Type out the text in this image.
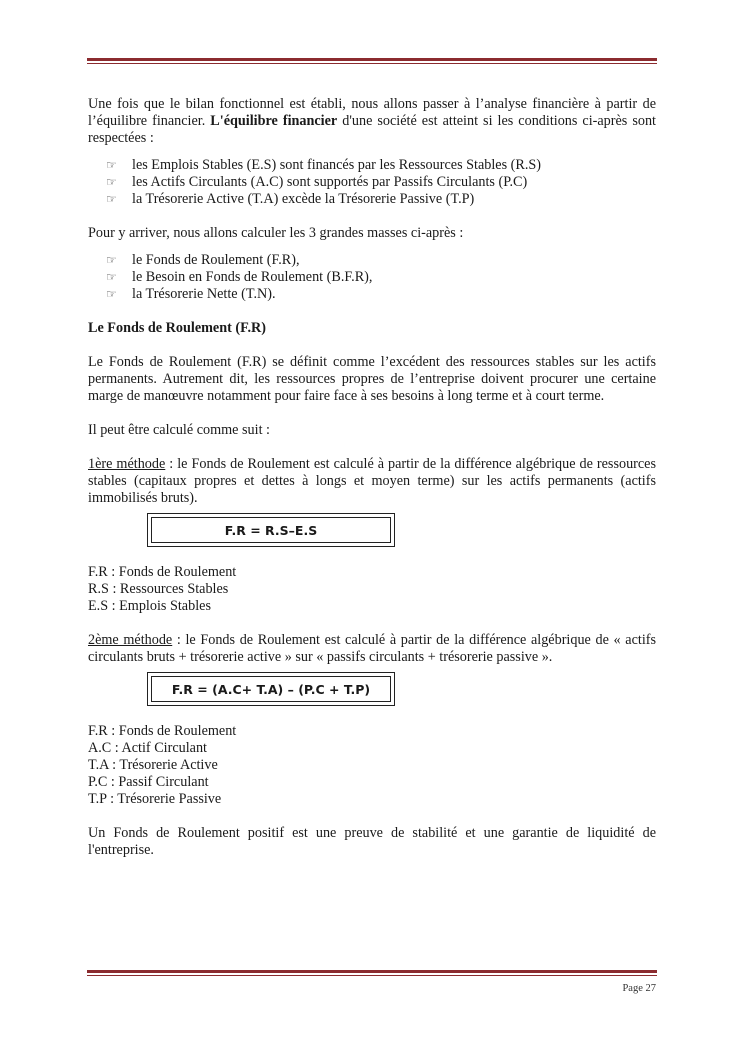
Une fois que le bilan fonctionnel est établi, nous allons passer à l’analyse financière à partir de l’équilibre financier. L'équilibre financier d'une société est atteint si les conditions ci-après sont respectées :

☞	les Emplois Stables (E.S) sont financés par les Ressources Stables (R.S)
☞	les Actifs Circulants (A.C) sont supportés par Passifs Circulants (P.C)
☞	la Trésorerie Active (T.A) excède la Trésorerie Passive (T.P)

Pour y arriver, nous allons calculer les 3 grandes masses ci-après :

☞	le Fonds de Roulement (F.R),
☞	le Besoin en Fonds de Roulement (B.F.R),
☞	la Trésorerie Nette (T.N).

Le Fonds de Roulement (F.R)

Le Fonds de Roulement (F.R) se définit comme l’excédent des ressources stables sur les actifs permanents. Autrement dit, les ressources propres de l’entreprise doivent procurer une certaine marge de manœuvre notamment pour faire face à ses besoins à long terme et à court terme.

Il peut être calculé comme suit :

1ère méthode : le Fonds de Roulement est calculé à partir de la différence algébrique de ressources stables (capitaux propres et dettes à longs et moyen terme) sur les actifs permanents (actifs immobilisés bruts).

F.R = R.S–E.S
F.R : Fonds de Roulement
R.S : Ressources Stables
E.S : Emplois Stables

2ème méthode : le Fonds de Roulement est calculé à partir de la différence algébrique de « actifs circulants bruts + trésorerie active » sur « passifs circulants + trésorerie passive ».

F.R = (A.C+ T.A) – (P.C + T.P)
F.R : Fonds de Roulement
A.C : Actif Circulant
T.A : Trésorerie Active
P.C : Passif Circulant
T.P : Trésorerie Passive

Un Fonds de Roulement positif est une preuve de stabilité et une garantie de liquidité de l'entreprise.

Page 27
